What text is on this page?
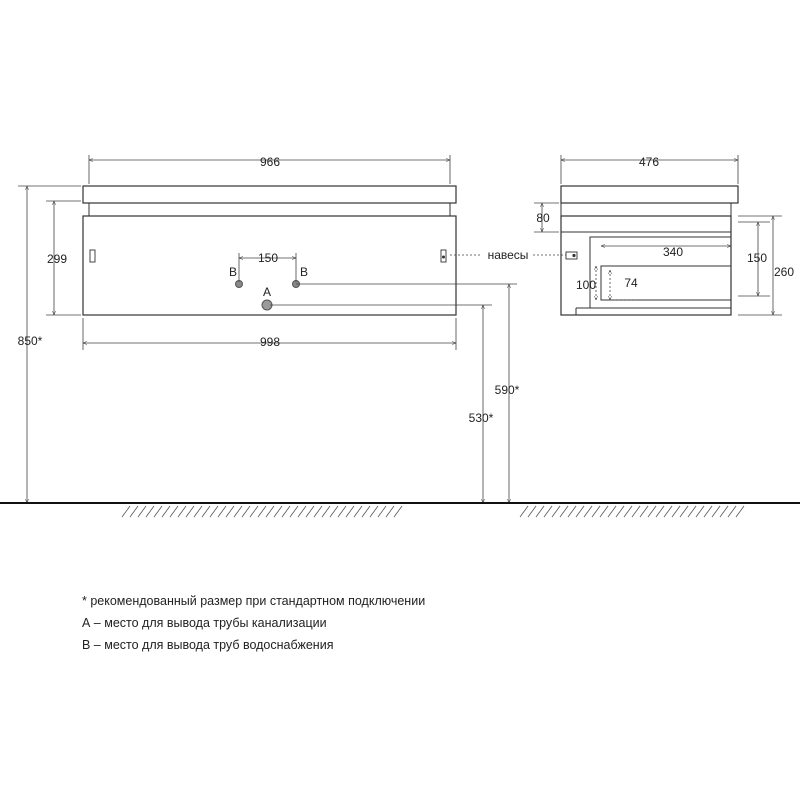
966
998
299
850*
150
B	B
A
590*
530*
навесы
476
80
340
100 74
150
260
* рекомендованный размер при стандартном подключении
А – место для вывода трубы канализации
В – место для вывода труб водоснабжения
